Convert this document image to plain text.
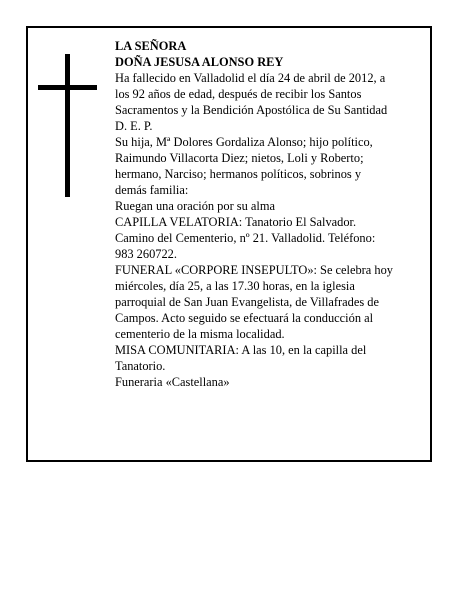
LA SEÑORA
DOÑA JESUSA ALONSO REY
Ha fallecido en Valladolid el día 24 de abril de 2012, a
los 92 años de edad, después de recibir los Santos
Sacramentos y la Bendición Apostólica de Su Santidad
D. E. P.
Su hija, Mª Dolores Gordaliza Alonso; hijo político,
Raimundo Villacorta Diez; nietos, Loli y Roberto;
hermano, Narciso; hermanos políticos, sobrinos y
demás familia:
Ruegan una oración por su alma
CAPILLA VELATORIA: Tanatorio El Salvador.
Camino del Cementerio, nº 21. Valladolid. Teléfono:
983 260722.
FUNERAL «CORPORE INSEPULTO»: Se celebra hoy
miércoles, día 25, a las 17.30 horas, en la iglesia
parroquial de San Juan Evangelista, de Villafrades de
Campos. Acto seguido se efectuará la conducción al
cementerio de la misma localidad.
MISA COMUNITARIA: A las 10, en la capilla del
Tanatorio.
Funeraria «Castellana»
